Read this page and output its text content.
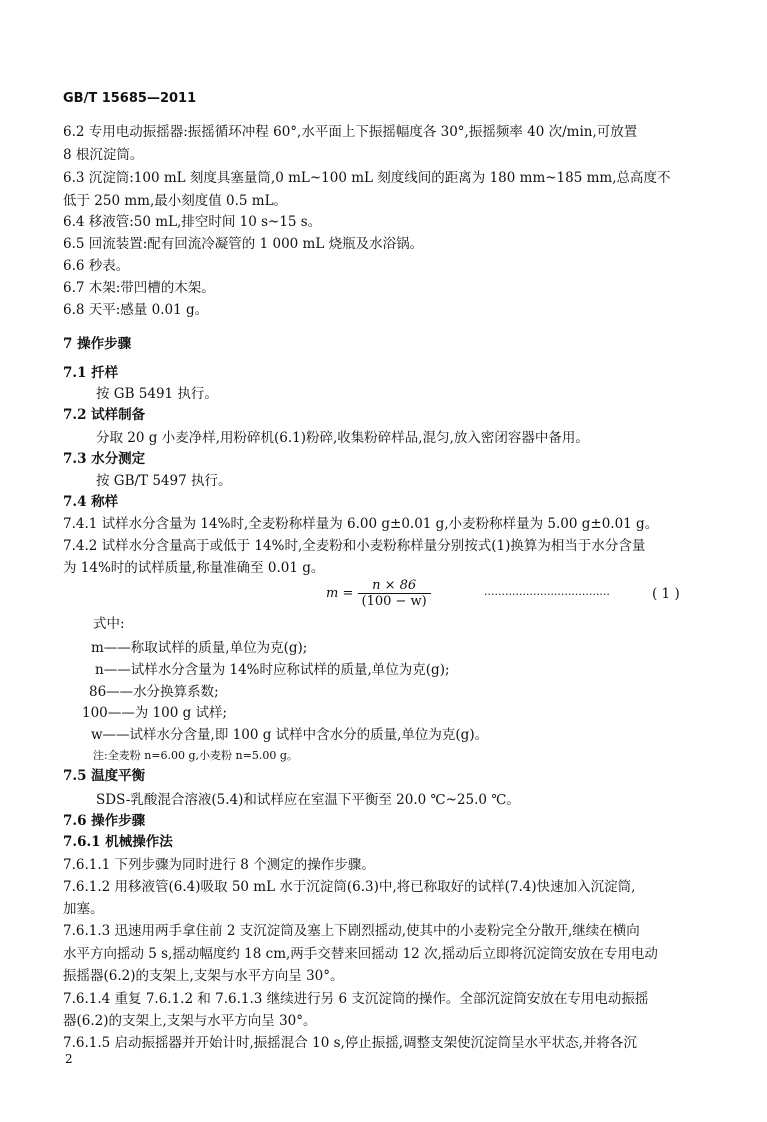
GB/T 15685—2011
6.2 专用电动振摇器:振摇循环冲程 60°,水平面上下振摇幅度各 30°,振摇频率 40 次/min,可放置
8 根沉淀筒。
6.3 沉淀筒:100 mL 刻度具塞量筒,0 mL~100 mL 刻度线间的距离为 180 mm~185 mm,总高度不
低于 250 mm,最小刻度值 0.5 mL。
6.4 移液管:50 mL,排空时间 10 s~15 s。
6.5 回流装置:配有回流冷凝管的 1 000 mL 烧瓶及水浴锅。
6.6 秒表。
6.7 木架:带凹槽的木架。
6.8 天平:感量 0.01 g。
7 操作步骤
7.1 扦样
按 GB 5491 执行。
7.2 试样制备
分取 20 g 小麦净样,用粉碎机(6.1)粉碎,收集粉碎样品,混匀,放入密闭容器中备用。
7.3 水分测定
按 GB/T 5497 执行。
7.4 称样
7.4.1 试样水分含量为 14%时,全麦粉称样量为 6.00 g±0.01 g,小麦粉称样量为 5.00 g±0.01 g。
7.4.2 试样水分含量高于或低于 14%时,全麦粉和小麦粉称样量分别按式(1)换算为相当于水分含量
为 14%时的试样质量,称量准确至 0.01 g。
$m = \frac{n \times 86}{(100 - w)}$	····································	( 1 )
式中:
m——称取试样的质量,单位为克(g);
n——试样水分含量为 14%时应称试样的质量,单位为克(g);
86——水分换算系数;
100——为 100 g 试样;
w——试样水分含量,即 100 g 试样中含水分的质量,单位为克(g)。
注:全麦粉 n=6.00 g,小麦粉 n=5.00 g。
7.5 温度平衡
SDS-乳酸混合溶液(5.4)和试样应在室温下平衡至 20.0 ℃~25.0 ℃。
7.6 操作步骤
7.6.1 机械操作法
7.6.1.1 下列步骤为同时进行 8 个测定的操作步骤。
7.6.1.2 用移液管(6.4)吸取 50 mL 水于沉淀筒(6.3)中,将已称取好的试样(7.4)快速加入沉淀筒,
加塞。
7.6.1.3 迅速用两手拿住前 2 支沉淀筒及塞上下剧烈摇动,使其中的小麦粉完全分散开,继续在横向
水平方向摇动 5 s,摇动幅度约 18 cm,两手交替来回摇动 12 次,摇动后立即将沉淀筒安放在专用电动
振摇器(6.2)的支架上,支架与水平方向呈 30°。
7.6.1.4 重复 7.6.1.2 和 7.6.1.3 继续进行另 6 支沉淀筒的操作。全部沉淀筒安放在专用电动振摇
器(6.2)的支架上,支架与水平方向呈 30°。
7.6.1.5 启动振摇器并开始计时,振摇混合 10 s,停止振摇,调整支架使沉淀筒呈水平状态,并将各沉
2
